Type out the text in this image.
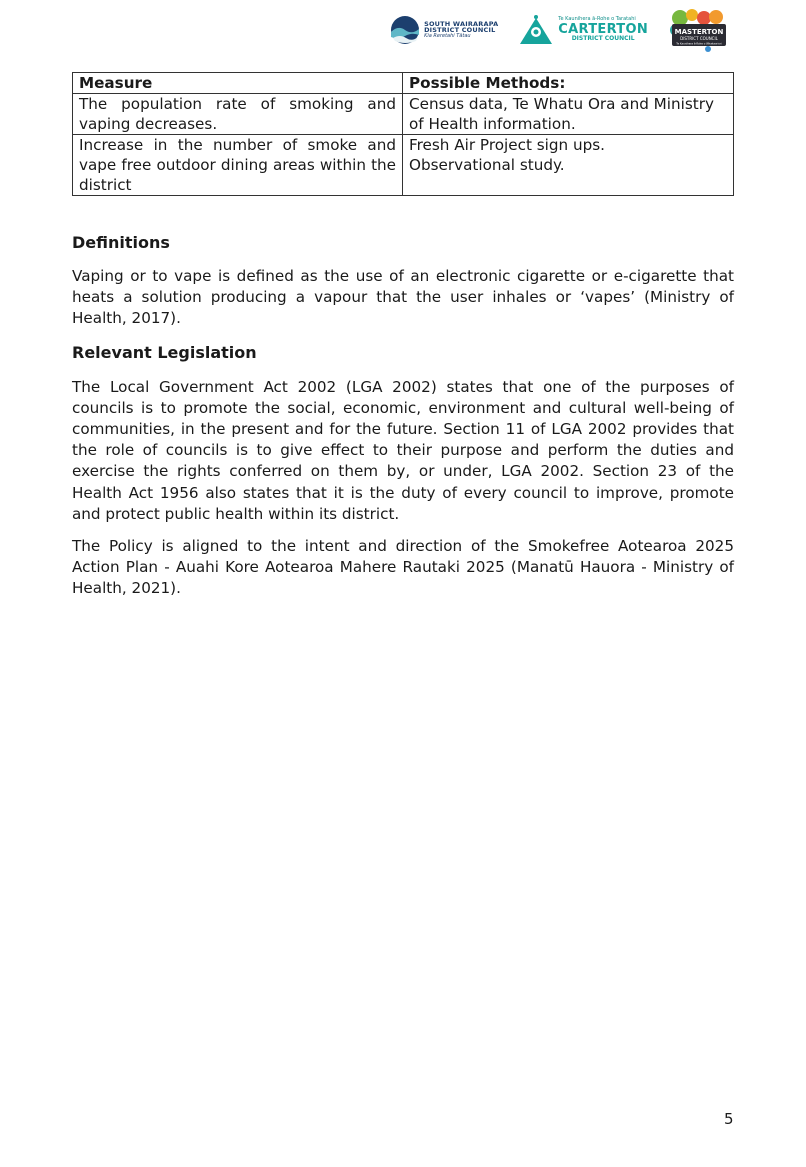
SOUTH WAIRARAPA
DISTRICT COUNCIL
Kia Reretahi Tātau
Te Kaunihera ā-Rohe o Taratahi
CARTERTON
DISTRICT COUNCIL
MASTERTON
DISTRICT COUNCIL
Te Kaunihera ā-Rohe o Whakaoriori
Measure	Possible Methods:
The population rate of smoking and vaping decreases.	Census data, Te Whatu Ora and Ministry of Health information.

Increase in the number of smoke and vape free outdoor dining areas within the district	Fresh Air Project sign ups.
Observational study.
Definitions

Vaping or to vape is defined as the use of an electronic cigarette or e-cigarette that heats a solution producing a vapour that the user inhales or ‘vapes’ (Ministry of Health, 2017).

Relevant Legislation

The Local Government Act 2002 (LGA 2002) states that one of the purposes of councils is to promote the social, economic, environment and cultural well-being of communities, in the present and for the future. Section 11 of LGA 2002 provides that the role of councils is to give effect to their purpose and perform the duties and exercise the rights conferred on them by, or under, LGA 2002. Section 23 of the Health Act 1956 also states that it is the duty of every council to improve, promote and protect public health within its district.

The Policy is aligned to the intent and direction of the Smokefree Aotearoa 2025 Action Plan - Auahi Kore Aotearoa Mahere Rautaki 2025 (Manatū Hauora - Ministry of Health, 2021).

5
